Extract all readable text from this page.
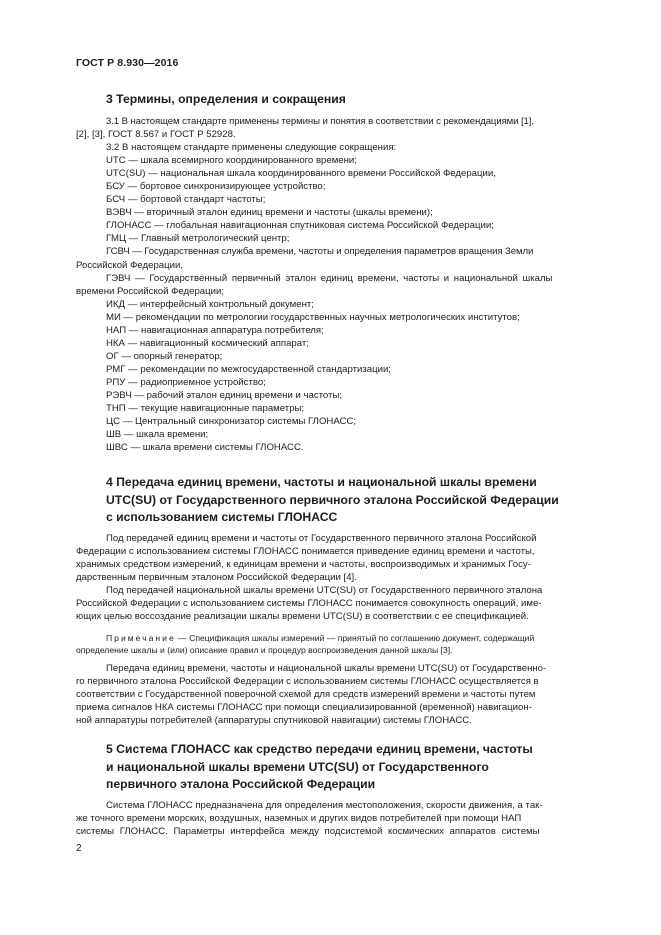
ГОСТ Р 8.930—2016
3 Термины, определения и сокращения
3.1 В настоящем стандарте применены термины и понятия в соответствии с рекомендациями [1],
[2], [3], ГОСТ 8.567 и ГОСТ Р 52928.
3.2 В настоящем стандарте применены следующие сокращения:
UTC — шкала всемирного координированного времени;
UTC(SU) — национальная шкала координированного времени Российской Федерации,
БСУ — бортовое синхронизирующее устройство;
БСЧ — бортовой стандарт частоты;
ВЭВЧ — вторичный эталон единиц времени и частоты (шкалы времени);
ГЛОНАСС — глобальная навигационная спутниковая система Российской Федерации;
ГМЦ — Главный метрологический центр;
ГСВЧ — Государственная служба времени, частоты и определения параметров вращения Земли
Российской Федерации,
ГЭВЧ — Государственный первичный эталон единиц времени, частоты и национальной шкалы
времени Российской Федерации;
ИКД — интерфейсный контрольный документ;
МИ — рекомендации по метрологии государственных научных метрологических институтов;
НАП — навигационная аппаратура потребителя;
НКА — навигационный космический аппарат;
ОГ — опорный генератор;
РМГ — рекомендации по межгосударственной стандартизации;
РПУ — радиоприемное устройство;
РЭВЧ — рабочий эталон единиц времени и частоты;
ТНП — текущие навигационные параметры;
ЦС — Центральный синхронизатор системы ГЛОНАСС;
ШВ — шкала времени;
ШВС — шкала времени системы ГЛОНАСС.
4 Передача единиц времени, частоты и национальной шкалы времени
UTC(SU) от Государственного первичного эталона Российской Федерации
с использованием системы ГЛОНАСС
Под передачей единиц времени и частоты от Государственного первичного эталона Российской
Федерации с использованием системы ГЛОНАСС понимается приведение единиц времени и частоты,
хранимых средством измерений, к единицам времени и частоты, воспроизводимых и хранимых Госу-
дарственным первичным эталоном Российской Федерации [4].
Под передачей национальной шкалы времени UTC(SU) от Государственного первичного эталона
Российской Федерации с использованием системы ГЛОНАСС понимается совокупность операций, име-
ющих целью воссоздание реализации шкалы времени UTC(SU) в соответствии с ее спецификацией.
Примечание — Спецификация шкалы измерений — принятый по соглашению документ, содержащий
определение шкалы и (или) описание правил и процедур воспроизведения данной шкалы [3].
Передача единиц времени, частоты и национальной шкалы времени UTC(SU) от Государственно-
го первичного эталона Российской Федерации с использованием системы ГЛОНАСС осуществляется в
соответствии с Государственной поверочной схемой для средств измерений времени и частоты путем
приема сигналов НКА системы ГЛОНАСС при помощи специализированной (временной) навигацион-
ной аппаратуры потребителей (аппаратуры спутниковой навигации) системы ГЛОНАСС.
5 Система ГЛОНАСС как средство передачи единиц времени, частоты
и национальной шкалы времени UTC(SU) от Государственного
первичного эталона Российской Федерации
Система ГЛОНАСС предназначена для определения местоположения, скорости движения, а так-
же точного времени морских, воздушных, наземных и других видов потребителей при помощи НАП
системы ГЛОНАСС. Параметры интерфейса между подсистемой космических аппаратов системы
2
